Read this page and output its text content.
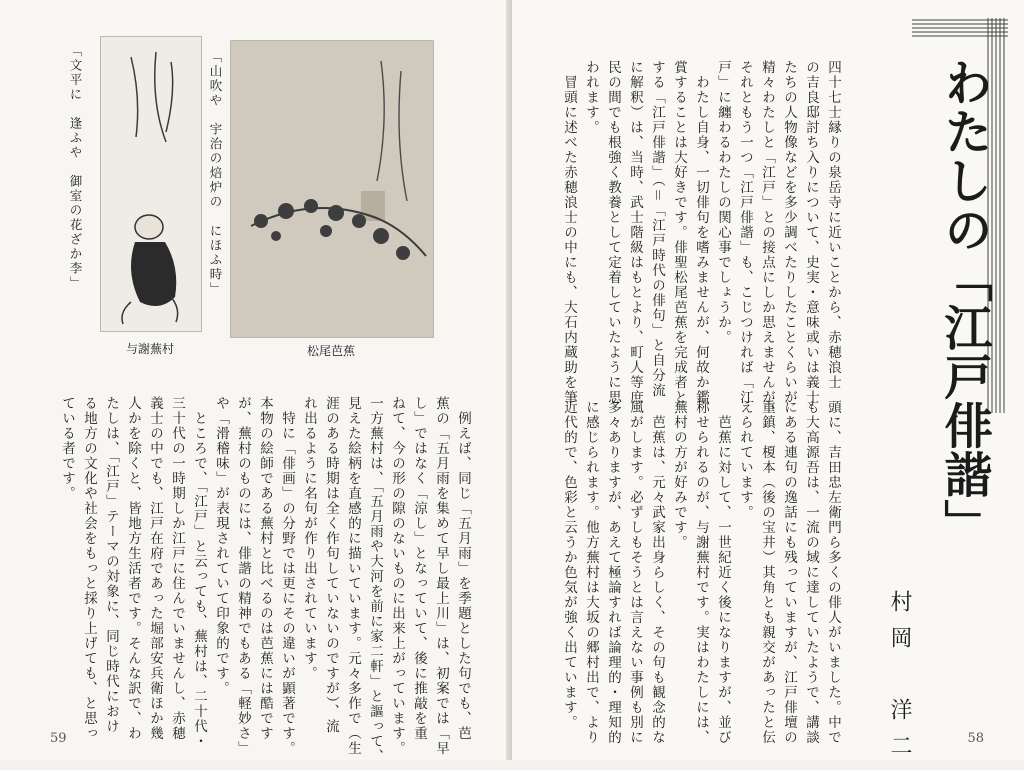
「文平に　逢ふや　御室の花ざか李」
与謝蕪村
「山吹や　宇治の焙炉の　にほふ時」
松尾芭蕉
　例えば、同じ「五月雨」を季題とした句でも、芭
蕉の「五月雨を集めて早し最上川」は、初案では「早
し」ではなく「涼し」となっていて、後に推敲を重
ねて、今の形の隙のないものに出来上がっています。
一方蕪村は、「五月雨や大河を前に家二軒」と謳って、
見えた絵柄を直感的に描いています。元々多作で（生
涯のある時期は全く作句していないのですが）、流
れ出るように名句が作り出されています。
　特に「俳画」の分野では更にその違いが顕著です。
本物の絵師である蕪村と比べるのは芭蕉には酷です
が、蕪村のものには、俳諧の精神でもある「軽妙さ」
や「滑稽味」が表現されていて印象的です。
　ところで、「江戸」と云っても、蕪村は、二十代・
三十代の一時期しか江戸に住んでいませんし、赤穂
義士の中でも、江戸在府であった堀部安兵衛ほか幾
人かを除くと、皆地方生活者です。そんな訳で、わ
たしは、「江戸」テーマの対象に、同じ時代におけ
る地方の文化や社会をもっと採り上げても、と思っ
ている者です。
59	58
わたしの「江戸俳諧」
四十七士縁りの泉岳寺に近いことから、赤穂浪士
の吉良邸討ち入りについて、史実・意味或いは義士
たちの人物像などを多少調べたりしたことくらいが
精々わたしと「江戸」との接点にしか思えませんが、
それともう一つ「江戸俳諧」も、こじつければ「江
戸」に纏わるわたしの関心事でしょうか。
　わたし自身、一切俳句を嗜みませんが、何故か鑑
賞することは大好きです。俳聖松尾芭蕉を完成者と
する「江戸俳諧」（＝「江戸時代の俳句」と自分流
に解釈）は、当時、武士階級はもとより、町人等庶
民の間でも根強く教養として定着していたように思
われます。
　冒頭に述べた赤穂浪士の中にも、大石内蔵助を筆
頭に、吉田忠左衛門ら多くの俳人がいました。中で
も大高源吾は、一流の域に達していたようで、講談
にある連句の逸話にも残っていますが、江戸俳壇の
重鎮、榎本（後の宝井）其角とも親交があったと伝
えられています。
　芭蕉に対して、一世紀近く後になりますが、並び
称せられるのが、与謝蕪村です。実はわたしには、
蕪村の方が好みです。
　芭蕉は、元々武家出身らしく、その句も観念的な
風がします。必ずしもそうとは言えない事例も別に
多々ありますが、あえて極論すれば論理的・理知的
に感じられます。他方蕪村は大坂の郷村出で、より
近代的で、色彩と云うか色気が強く出ています。	村岡　洋二
